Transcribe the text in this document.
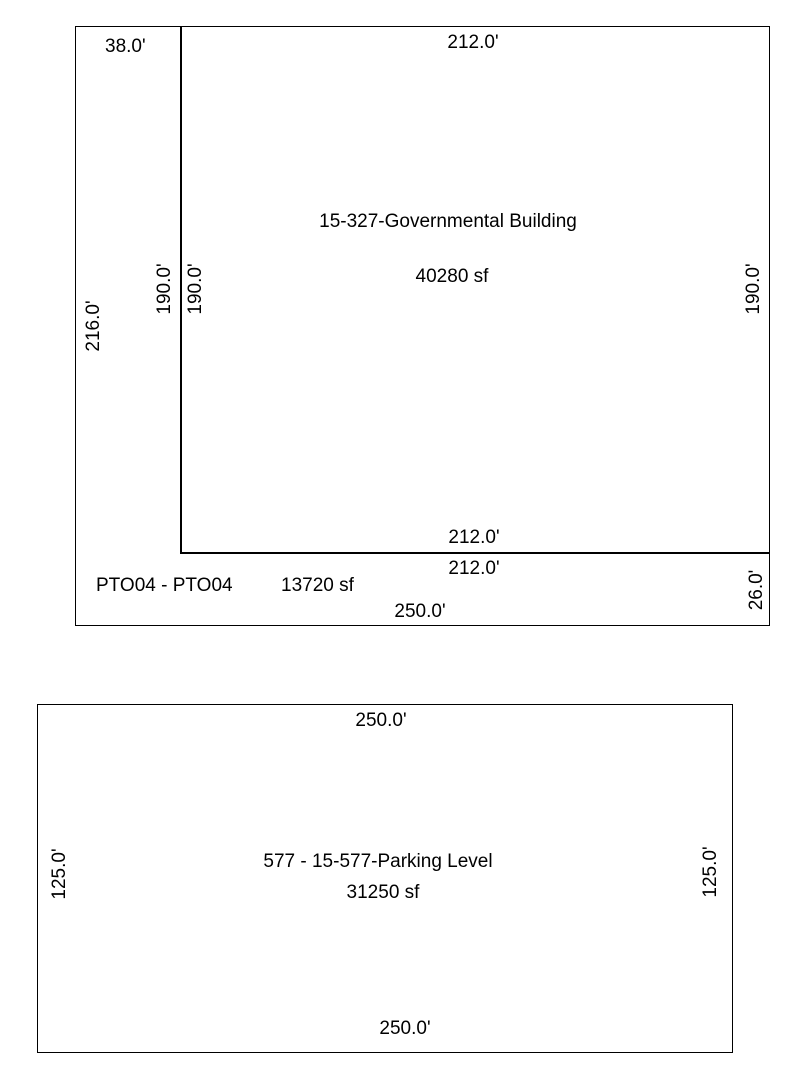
38.0'	212.0'
15-327-Governmental Building
40280 sf
216.0'
190.0' 190.0'	190.0'
212.0'
212.0'
PTO04 - PTO04	13720 sf	26.0'
250.0'
250.0'
125.0'	125.0'
577 - 15-577-Parking Level
31250 sf
250.0'
